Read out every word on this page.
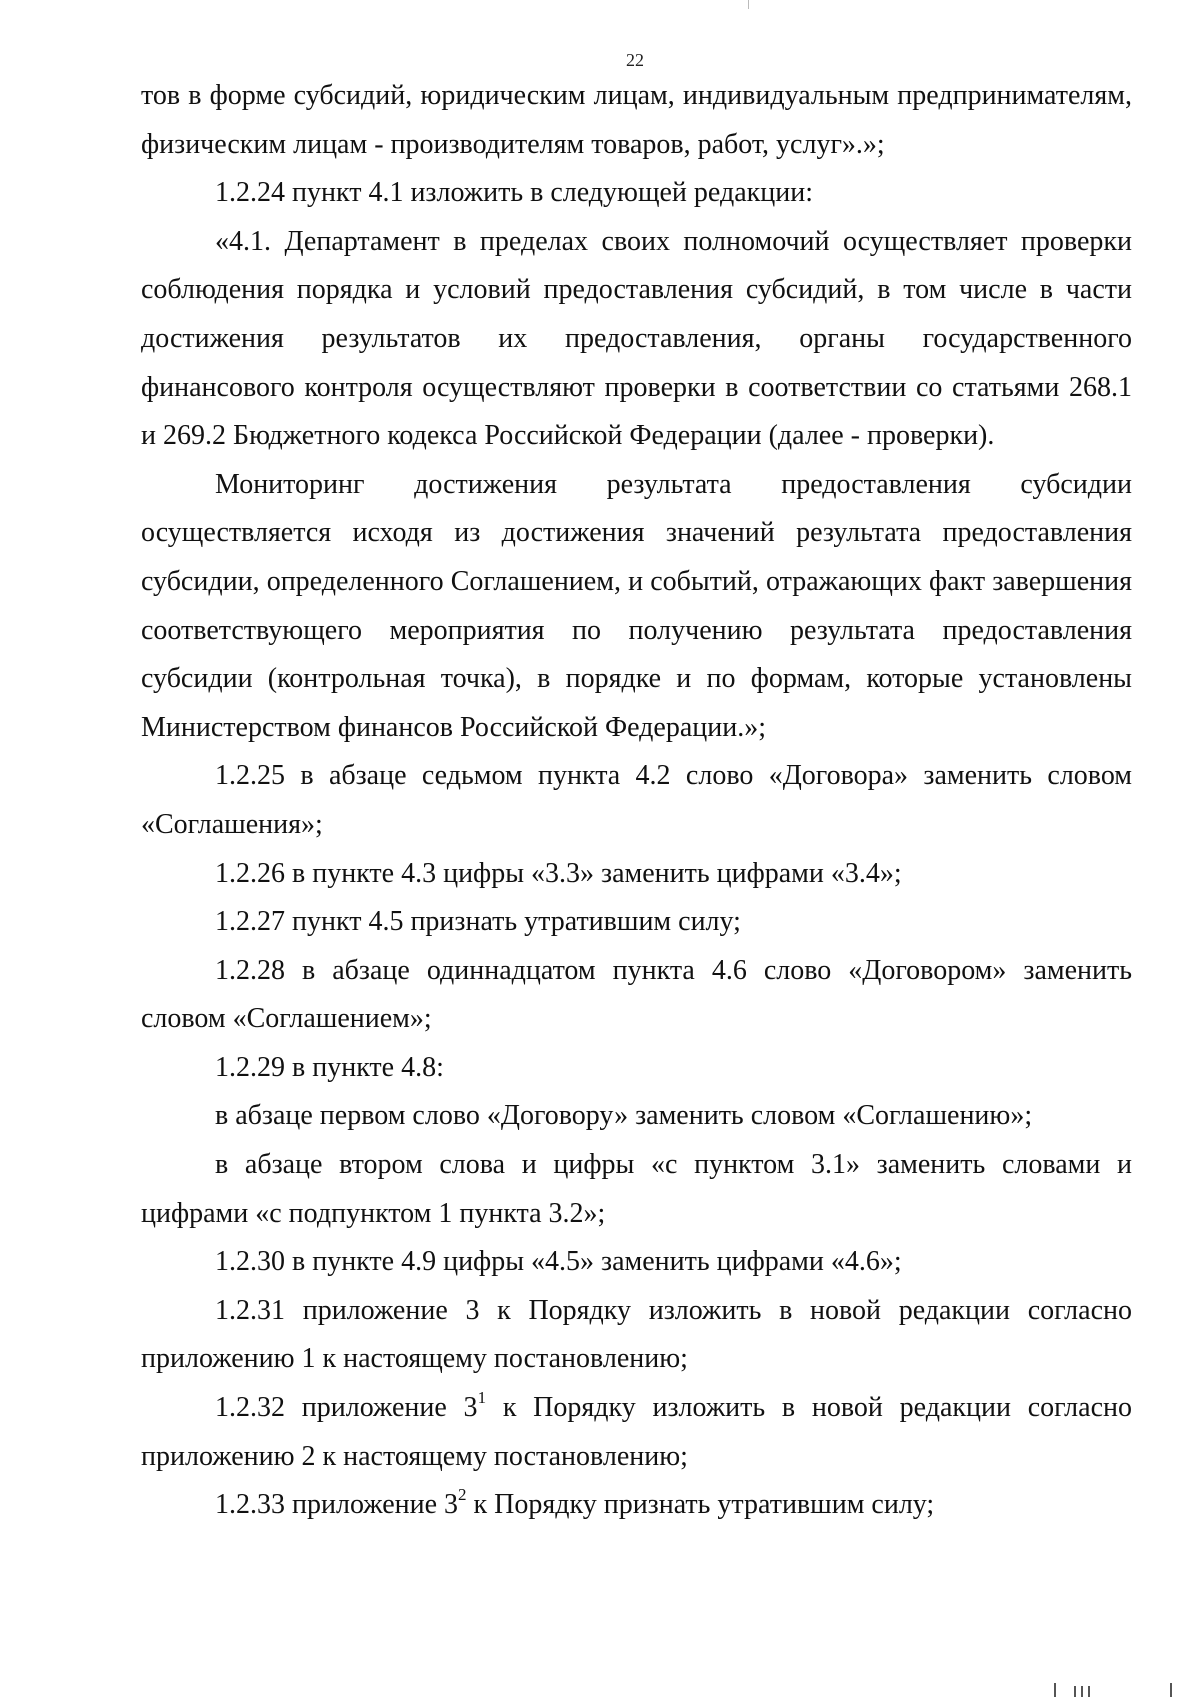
22

тов в форме субсидий, юридическим лицам, индивидуальным предпринимателям, физическим лицам - производителям товаров, работ, услуг».»;

1.2.24 пункт 4.1 изложить в следующей редакции:

«4.1. Департамент в пределах своих полномочий осуществляет проверки соблюдения порядка и условий предоставления субсидий, в том числе в части достижения результатов их предоставления, органы государственного финансового контроля осуществляют проверки в соответствии со статьями 268.1 и 269.2 Бюджетного кодекса Российской Федерации (далее - проверки).

Мониторинг достижения результата предоставления субсидии осуществляется исходя из достижения значений результата предоставления субсидии, определенного Соглашением, и событий, отражающих факт завершения соответствующего мероприятия по получению результата предоставления субсидии (контрольная точка), в порядке и по формам, которые установлены Министерством финансов Российской Федерации.»;

1.2.25 в абзаце седьмом пункта 4.2 слово «Договора» заменить словом «Соглашения»;

1.2.26 в пункте 4.3 цифры «3.3» заменить цифрами «3.4»;

1.2.27 пункт 4.5 признать утратившим силу;

1.2.28 в абзаце одиннадцатом пункта 4.6 слово «Договором» заменить словом «Соглашением»;

1.2.29 в пункте 4.8:

в абзаце первом слово «Договору» заменить словом «Соглашению»;

в абзаце втором слова и цифры «с пунктом 3.1» заменить словами и цифрами «с подпунктом 1 пункта 3.2»;

1.2.30 в пункте 4.9 цифры «4.5» заменить цифрами «4.6»;

1.2.31 приложение 3 к Порядку изложить в новой редакции согласно приложению 1 к настоящему постановлению;

1.2.32 приложение $3^1$ к Порядку изложить в новой редакции согласно приложению 2 к настоящему постановлению;

1.2.33 приложение $3^2$ к Порядку признать утратившим силу;
